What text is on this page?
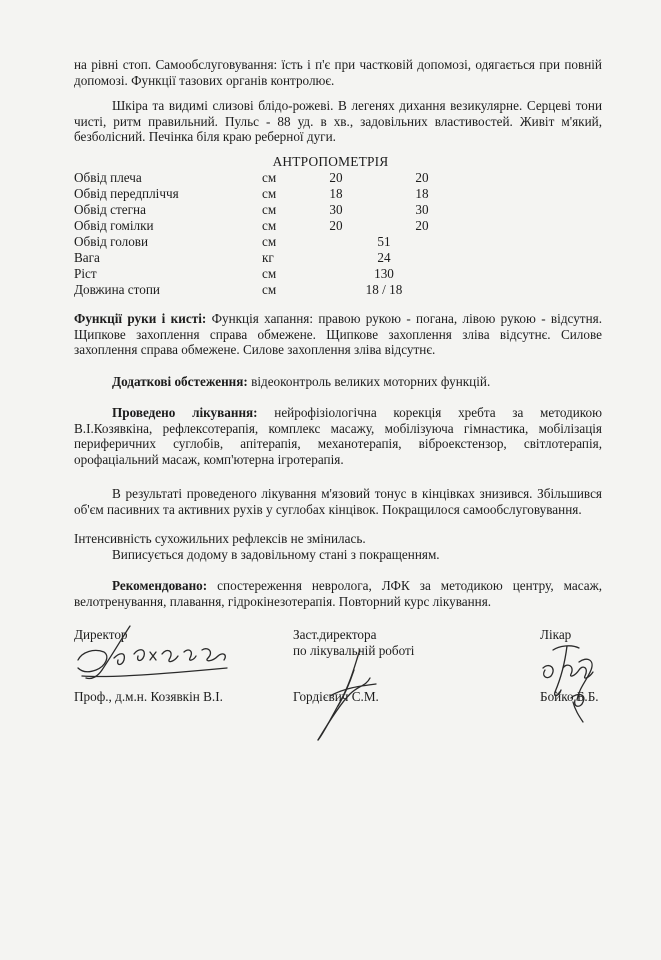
на рівні стоп. Самообслуговування: їсть і п'є при частковій допомозі, одягається при повній допомозі. Функції тазових органів контролює.
Шкіра та видимі слизові блідо-рожеві. В легенях дихання везикулярне. Серцеві тони чисті, ритм правильний. Пульс - 88 уд. в хв., задовільних властивостей. Живіт м'який, безболісний. Печінка біля краю реберної дуги.
АНТРОПОМЕТРІЯ
Обвід плеча	см	20	20
Обвід передпліччя	см	18	18
Обвід стегна	см	30	30
Обвід гомілки	см	20	20
Обвід голови	см	51
Вага	кг	24
Ріст	см	130
Довжина стопи	см	18 / 18
Функції руки і кисті: Функція хапання: правою рукою - погана, лівою рукою - відсутня. Щипкове захоплення справа обмежене. Щипкове захоплення зліва відсутнє. Силове захоплення справа обмежене. Силове захоплення зліва відсутнє.
Додаткові обстеження: відеоконтроль великих моторних функцій.
Проведено лікування: нейрофізіологічна корекція хребта за методикою В.І.Козявкіна, рефлексотерапія, комплекс масажу, мобілізуюча гімнастика, мобілізація периферичних суглобів, апітерапія, механотерапія, віброекстензор, світлотерапія, орофаціальний масаж, комп'ютерна ігротерапія.
В результаті проведеного лікування м'язовий тонус в кінцівках знизився. Збільшився об'єм пасивних та активних рухів у суглобах кінцівок. Покращилося самообслуговування.
Інтенсивність сухожильних рефлексів не змінилась.
Виписується додому в задовільному стані з покращенням.
Рекомендовано: спостереження невролога, ЛФК за методикою центру, масаж, велотренування, плавання, гідрокінезотерапія. Повторний курс лікування.
Директор	Заст.директора
по лікувальній роботі
Лікар
Проф., д.м.н. Козявкін В.І.	Гордієвич С.М.	Бойко Б.Б.
